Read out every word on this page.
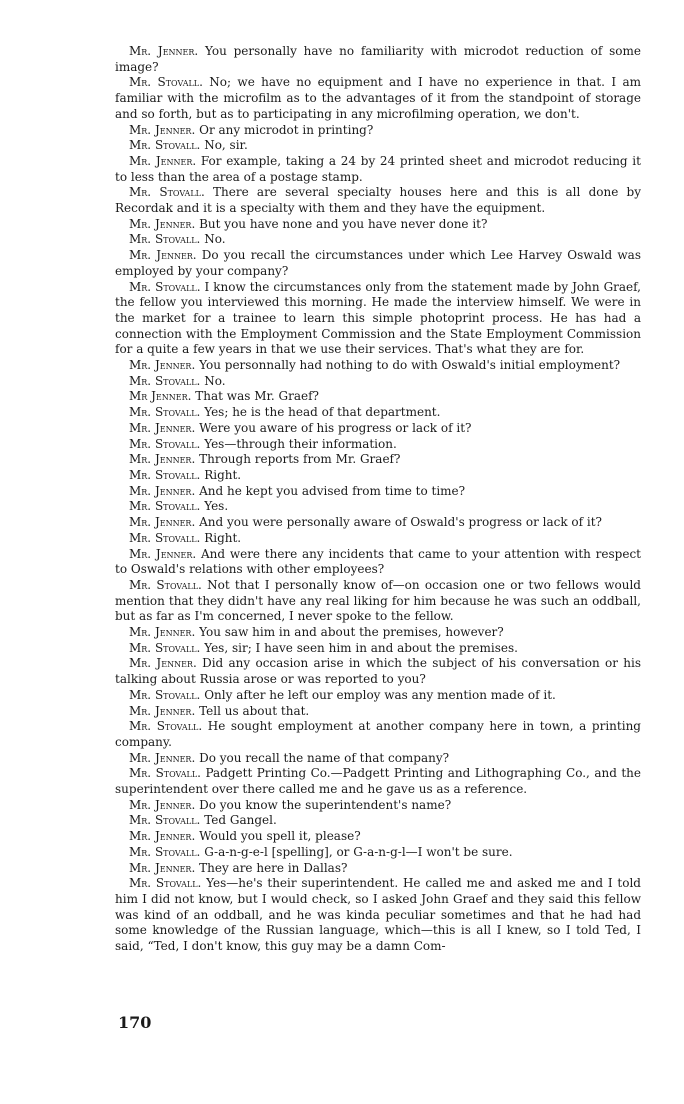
Mr. Jenner. You personally have no familiarity with microdot reduction of some image?

Mr. Stovall. No; we have no equipment and I have no experience in that. I am familiar with the microfilm as to the advantages of it from the standpoint of storage and so forth, but as to participating in any microfilming operation, we don't.

Mr. Jenner. Or any microdot in printing?

Mr. Stovall. No, sir.

Mr. Jenner. For example, taking a 24 by 24 printed sheet and microdot reducing it to less than the area of a postage stamp.

Mr. Stovall. There are several specialty houses here and this is all done by Recordak and it is a specialty with them and they have the equipment.

Mr. Jenner. But you have none and you have never done it?

Mr. Stovall. No.

Mr. Jenner. Do you recall the circumstances under which Lee Harvey Oswald was employed by your company?

Mr. Stovall. I know the circumstances only from the statement made by John Graef, the fellow you interviewed this morning. He made the interview himself. We were in the market for a trainee to learn this simple photoprint process. He has had a connection with the Employment Commission and the State Employment Commission for a quite a few years in that we use their services. That's what they are for.

Mr. Jenner. You personnally had nothing to do with Oswald's initial employment?

Mr. Stovall. No.

Mr Jenner. That was Mr. Graef?

Mr. Stovall. Yes; he is the head of that department.

Mr. Jenner. Were you aware of his progress or lack of it?

Mr. Stovall. Yes—through their information.

Mr. Jenner. Through reports from Mr. Graef?

Mr. Stovall. Right.

Mr. Jenner. And he kept you advised from time to time?

Mr. Stovall. Yes.

Mr. Jenner. And you were personally aware of Oswald's progress or lack of it?

Mr. Stovall. Right.

Mr. Jenner. And were there any incidents that came to your attention with respect to Oswald's relations with other employees?

Mr. Stovall. Not that I personally know of—on occasion one or two fellows would mention that they didn't have any real liking for him because he was such an oddball, but as far as I'm concerned, I never spoke to the fellow.

Mr. Jenner. You saw him in and about the premises, however?

Mr. Stovall. Yes, sir; I have seen him in and about the premises.

Mr. Jenner. Did any occasion arise in which the subject of his conversation or his talking about Russia arose or was reported to you?

Mr. Stovall. Only after he left our employ was any mention made of it.

Mr. Jenner. Tell us about that.

Mr. Stovall. He sought employment at another company here in town, a printing company.

Mr. Jenner. Do you recall the name of that company?

Mr. Stovall. Padgett Printing Co.—Padgett Printing and Lithographing Co., and the superintendent over there called me and he gave us as a reference.

Mr. Jenner. Do you know the superintendent's name?

Mr. Stovall. Ted Gangel.

Mr. Jenner. Would you spell it, please?

Mr. Stovall. G-a-n-g-e-l [spelling], or G-a-n-g-l—I won't be sure.

Mr. Jenner. They are here in Dallas?

Mr. Stovall. Yes—he's their superintendent. He called me and asked me and I told him I did not know, but I would check, so I asked John Graef and they said this fellow was kind of an oddball, and he was kinda peculiar sometimes and that he had had some knowledge of the Russian language, which—this is all I knew, so I told Ted, I said, “Ted, I don't know, this guy may be a damn Com-

170
